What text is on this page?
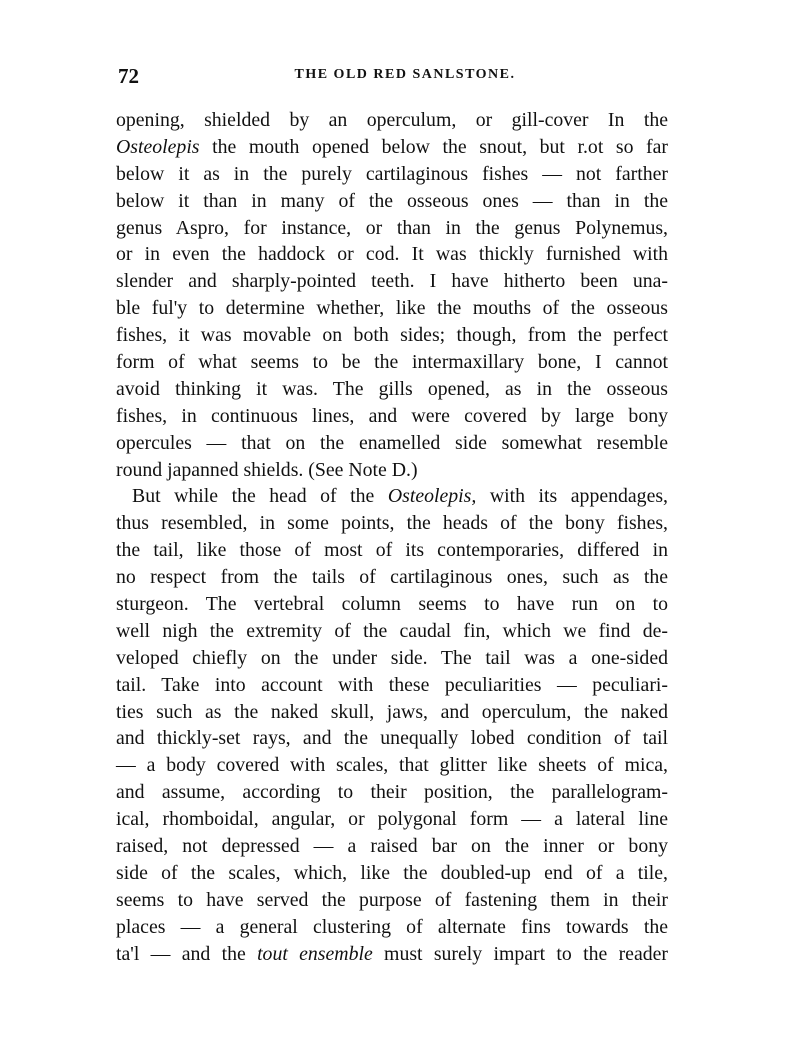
72	THE OLD RED SANLSTONE.
opening, shielded by an operculum, or gill-cover In the
Osteolepis the mouth opened below the snout, but r.ot so far
below it as in the purely cartilaginous fishes — not farther
below it than in many of the osseous ones — than in the
genus Aspro, for instance, or than in the genus Polynemus,
or in even the haddock or cod. It was thickly furnished with
slender and sharply-pointed teeth. I have hitherto been una-
ble ful'y to determine whether, like the mouths of the osseous
fishes, it was movable on both sides; though, from the perfect
form of what seems to be the intermaxillary bone, I cannot
avoid thinking it was. The gills opened, as in the osseous
fishes, in continuous lines, and were covered by large bony
opercules — that on the enamelled side somewhat resemble
round japanned shields. (See Note D.)
But while the head of the Osteolepis, with its appendages,
thus resembled, in some points, the heads of the bony fishes,
the tail, like those of most of its contemporaries, differed in
no respect from the tails of cartilaginous ones, such as the
sturgeon. The vertebral column seems to have run on to
well nigh the extremity of the caudal fin, which we find de-
veloped chiefly on the under side. The tail was a one-sided
tail. Take into account with these peculiarities — peculiari-
ties such as the naked skull, jaws, and operculum, the naked
and thickly-set rays, and the unequally lobed condition of tail
— a body covered with scales, that glitter like sheets of mica,
and assume, according to their position, the parallelogram-
ical, rhomboidal, angular, or polygonal form — a lateral line
raised, not depressed — a raised bar on the inner or bony
side of the scales, which, like the doubled-up end of a tile,
seems to have served the purpose of fastening them in their
places — a general clustering of alternate fins towards the
ta'l — and the tout ensemble must surely impart to the reader
